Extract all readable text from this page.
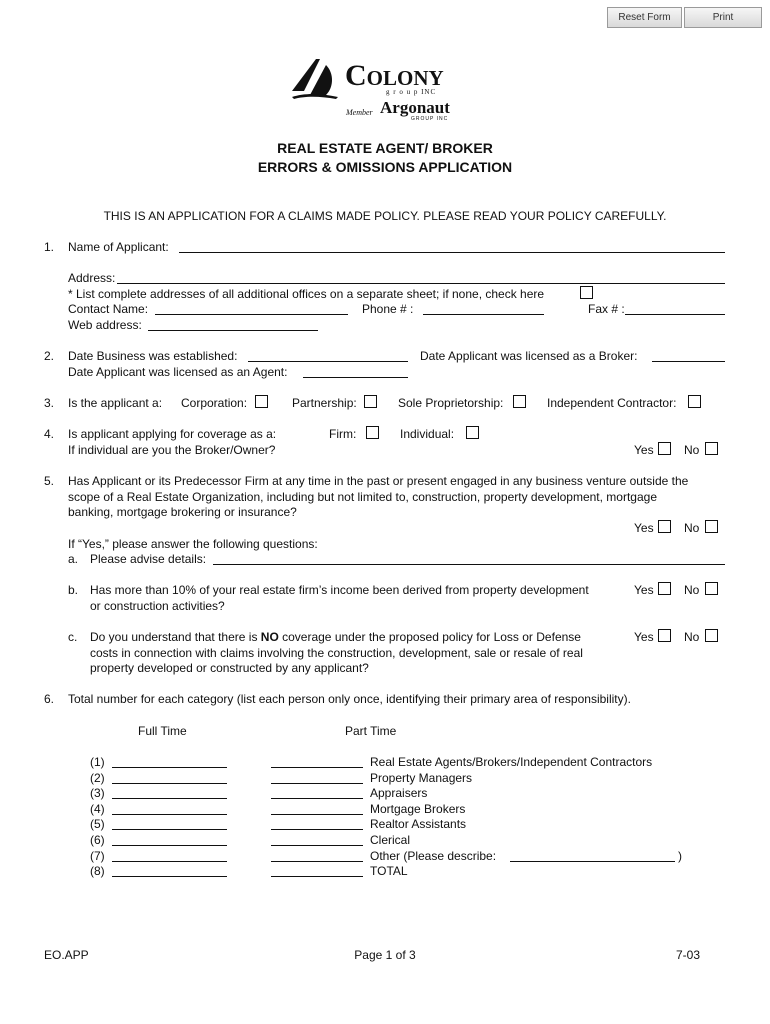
Reset Form	Print
COLONY
g r o u p INC
Member Argonaut
GROUP INC
REAL ESTATE AGENT/ BROKER
ERRORS & OMISSIONS APPLICATION
THIS IS AN APPLICATION FOR A CLAIMS MADE POLICY. PLEASE READ YOUR POLICY CAREFULLY.
1. Name of Applicant:
Address:
* List complete addresses of all additional offices on a separate sheet; if none, check here
Contact Name:	Phone # :	Fax # :
Web address:
2. Date Business was established:	Date Applicant was licensed as a Broker:
Date Applicant was licensed as an Agent:
3. Is the applicant a: Corporation:	Partnership:	Sole Proprietorship:	Independent Contractor:
4. Is applicant applying for coverage as a:	Firm:	Individual:
If individual are you the Broker/Owner?	Yes	No
5. Has Applicant or its Predecessor Firm at any time in the past or present engaged in any business venture outside the
scope of a Real Estate Organization, including but not limited to, construction, property development, mortgage
banking, mortgage brokering or insurance?
Yes	No
If “Yes,” please answer the following questions:
a. Please advise details:
b. Has more than 10% of your real estate firm’s income been derived from property development
or construction activities?
Yes	No
c. Do you understand that there is NO coverage under the proposed policy for Loss or Defense
costs in connection with claims involving the construction, development, sale or resale of real
property developed or constructed by any applicant?
Yes	No
6. Total number for each category (list each person only once, identifying their primary area of responsibility).
Full Time	Part Time
(1)	Real Estate Agents/Brokers/Independent Contractors
(2)	Property Managers
(3)	Appraisers
(4)	Mortgage Brokers
(5)	Realtor Assistants
(6)	Clerical
(7)	Other (Please describe:
(8)	TOTAL
)
EO.APP	Page 1 of 3	7-03
